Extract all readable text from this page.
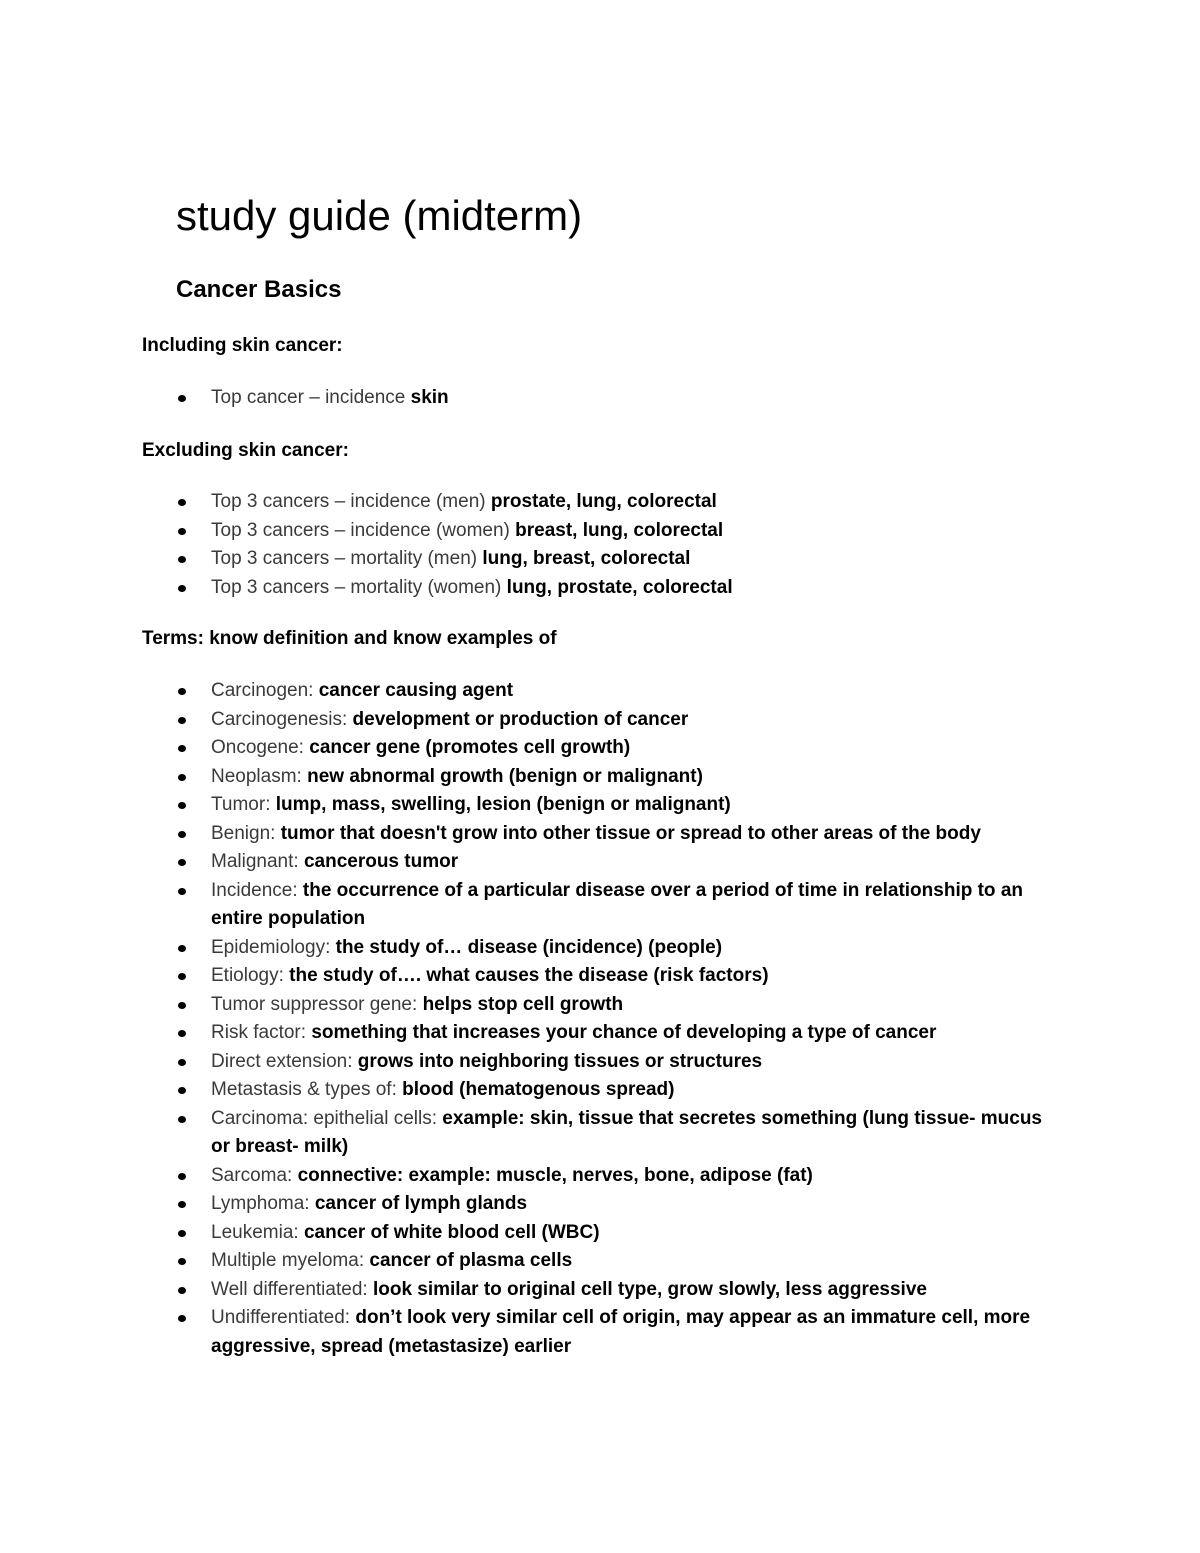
study guide (midterm)
Cancer Basics
Including skin cancer:
Top cancer – incidence skin
Excluding skin cancer:
Top 3 cancers – incidence (men) prostate, lung, colorectal
Top 3 cancers – incidence (women) breast, lung, colorectal
Top 3 cancers – mortality (men) lung, breast, colorectal
Top 3 cancers – mortality (women) lung, prostate, colorectal
Terms: know definition and know examples of
Carcinogen: cancer causing agent
Carcinogenesis: development or production of cancer
Oncogene: cancer gene (promotes cell growth)
Neoplasm: new abnormal growth (benign or malignant)
Tumor: lump, mass, swelling, lesion (benign or malignant)
Benign: tumor that doesn't grow into other tissue or spread to other areas of the body
Malignant: cancerous tumor
Incidence: the occurrence of a particular disease over a period of time in relationship to an entire population
Epidemiology: the study of… disease (incidence) (people)
Etiology: the study of…. what causes the disease (risk factors)
Tumor suppressor gene: helps stop cell growth
Risk factor: something that increases your chance of developing a type of cancer
Direct extension: grows into neighboring tissues or structures
Metastasis & types of: blood (hematogenous spread)
Carcinoma: epithelial cells: example: skin, tissue that secretes something (lung tissue- mucus or breast- milk)
Sarcoma: connective: example: muscle, nerves, bone, adipose (fat)
Lymphoma: cancer of lymph glands
Leukemia: cancer of white blood cell (WBC)
Multiple myeloma: cancer of plasma cells
Well differentiated: look similar to original cell type, grow slowly, less aggressive
Undifferentiated: don’t look very similar cell of origin, may appear as an immature cell, more aggressive, spread (metastasize) earlier
